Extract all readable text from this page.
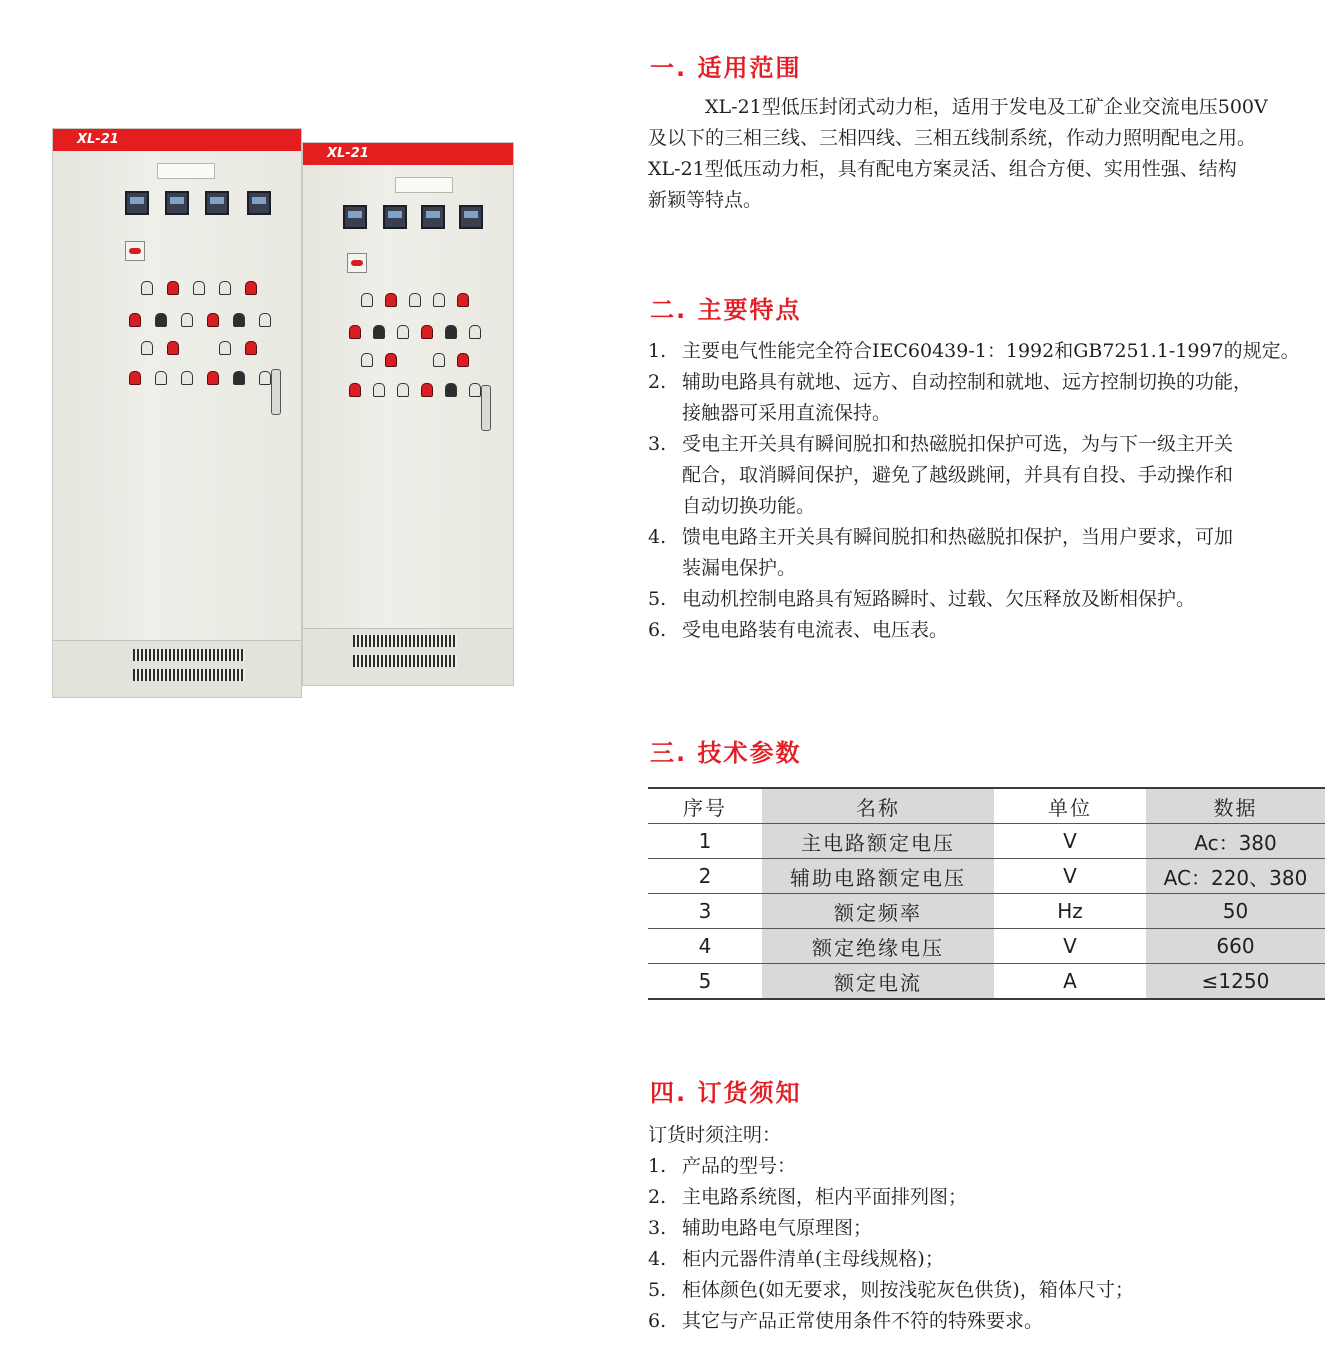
XL-21
XL-21
一. 适用范围
　　　XL-21型低压封闭式动力柜，适用于发电及工矿企业交流电压500V
及以下的三相三线、三相四线、三相五线制系统，作动力照明配电之用。
XL-21型低压动力柜，具有配电方案灵活、组合方便、实用性强、结构
新颖等特点。
二. 主要特点
1. 主要电气性能完全符合IEC60439-1：1992和GB7251.1-1997的规定。
2. 辅助电路具有就地、远方、自动控制和就地、远方控制切换的功能，
接触器可采用直流保持。
3. 受电主开关具有瞬间脱扣和热磁脱扣保护可选，为与下一级主开关
配合，取消瞬间保护，避免了越级跳闸，并具有自投、手动操作和
自动切换功能。
4. 馈电电路主开关具有瞬间脱扣和热磁脱扣保护，当用户要求，可加
装漏电保护。
5. 电动机控制电路具有短路瞬时、过载、欠压释放及断相保护。
6. 受电电路装有电流表、电压表。
三. 技术参数
序号	名称	单位	数据
1	主电路额定电压	V	Ac：380
2	辅助电路额定电压	V	AC：220、380
3	额定频率	Hz	50
4	额定绝缘电压	V	660
5	额定电流	A	≤1250
四. 订货须知
订货时须注明：
1. 产品的型号：
2. 主电路系统图，柜内平面排列图；
3. 辅助电路电气原理图；
4. 柜内元器件清单(主母线规格)；
5. 柜体颜色(如无要求，则按浅驼灰色供货)，箱体尺寸；
6. 其它与产品正常使用条件不符的特殊要求。
